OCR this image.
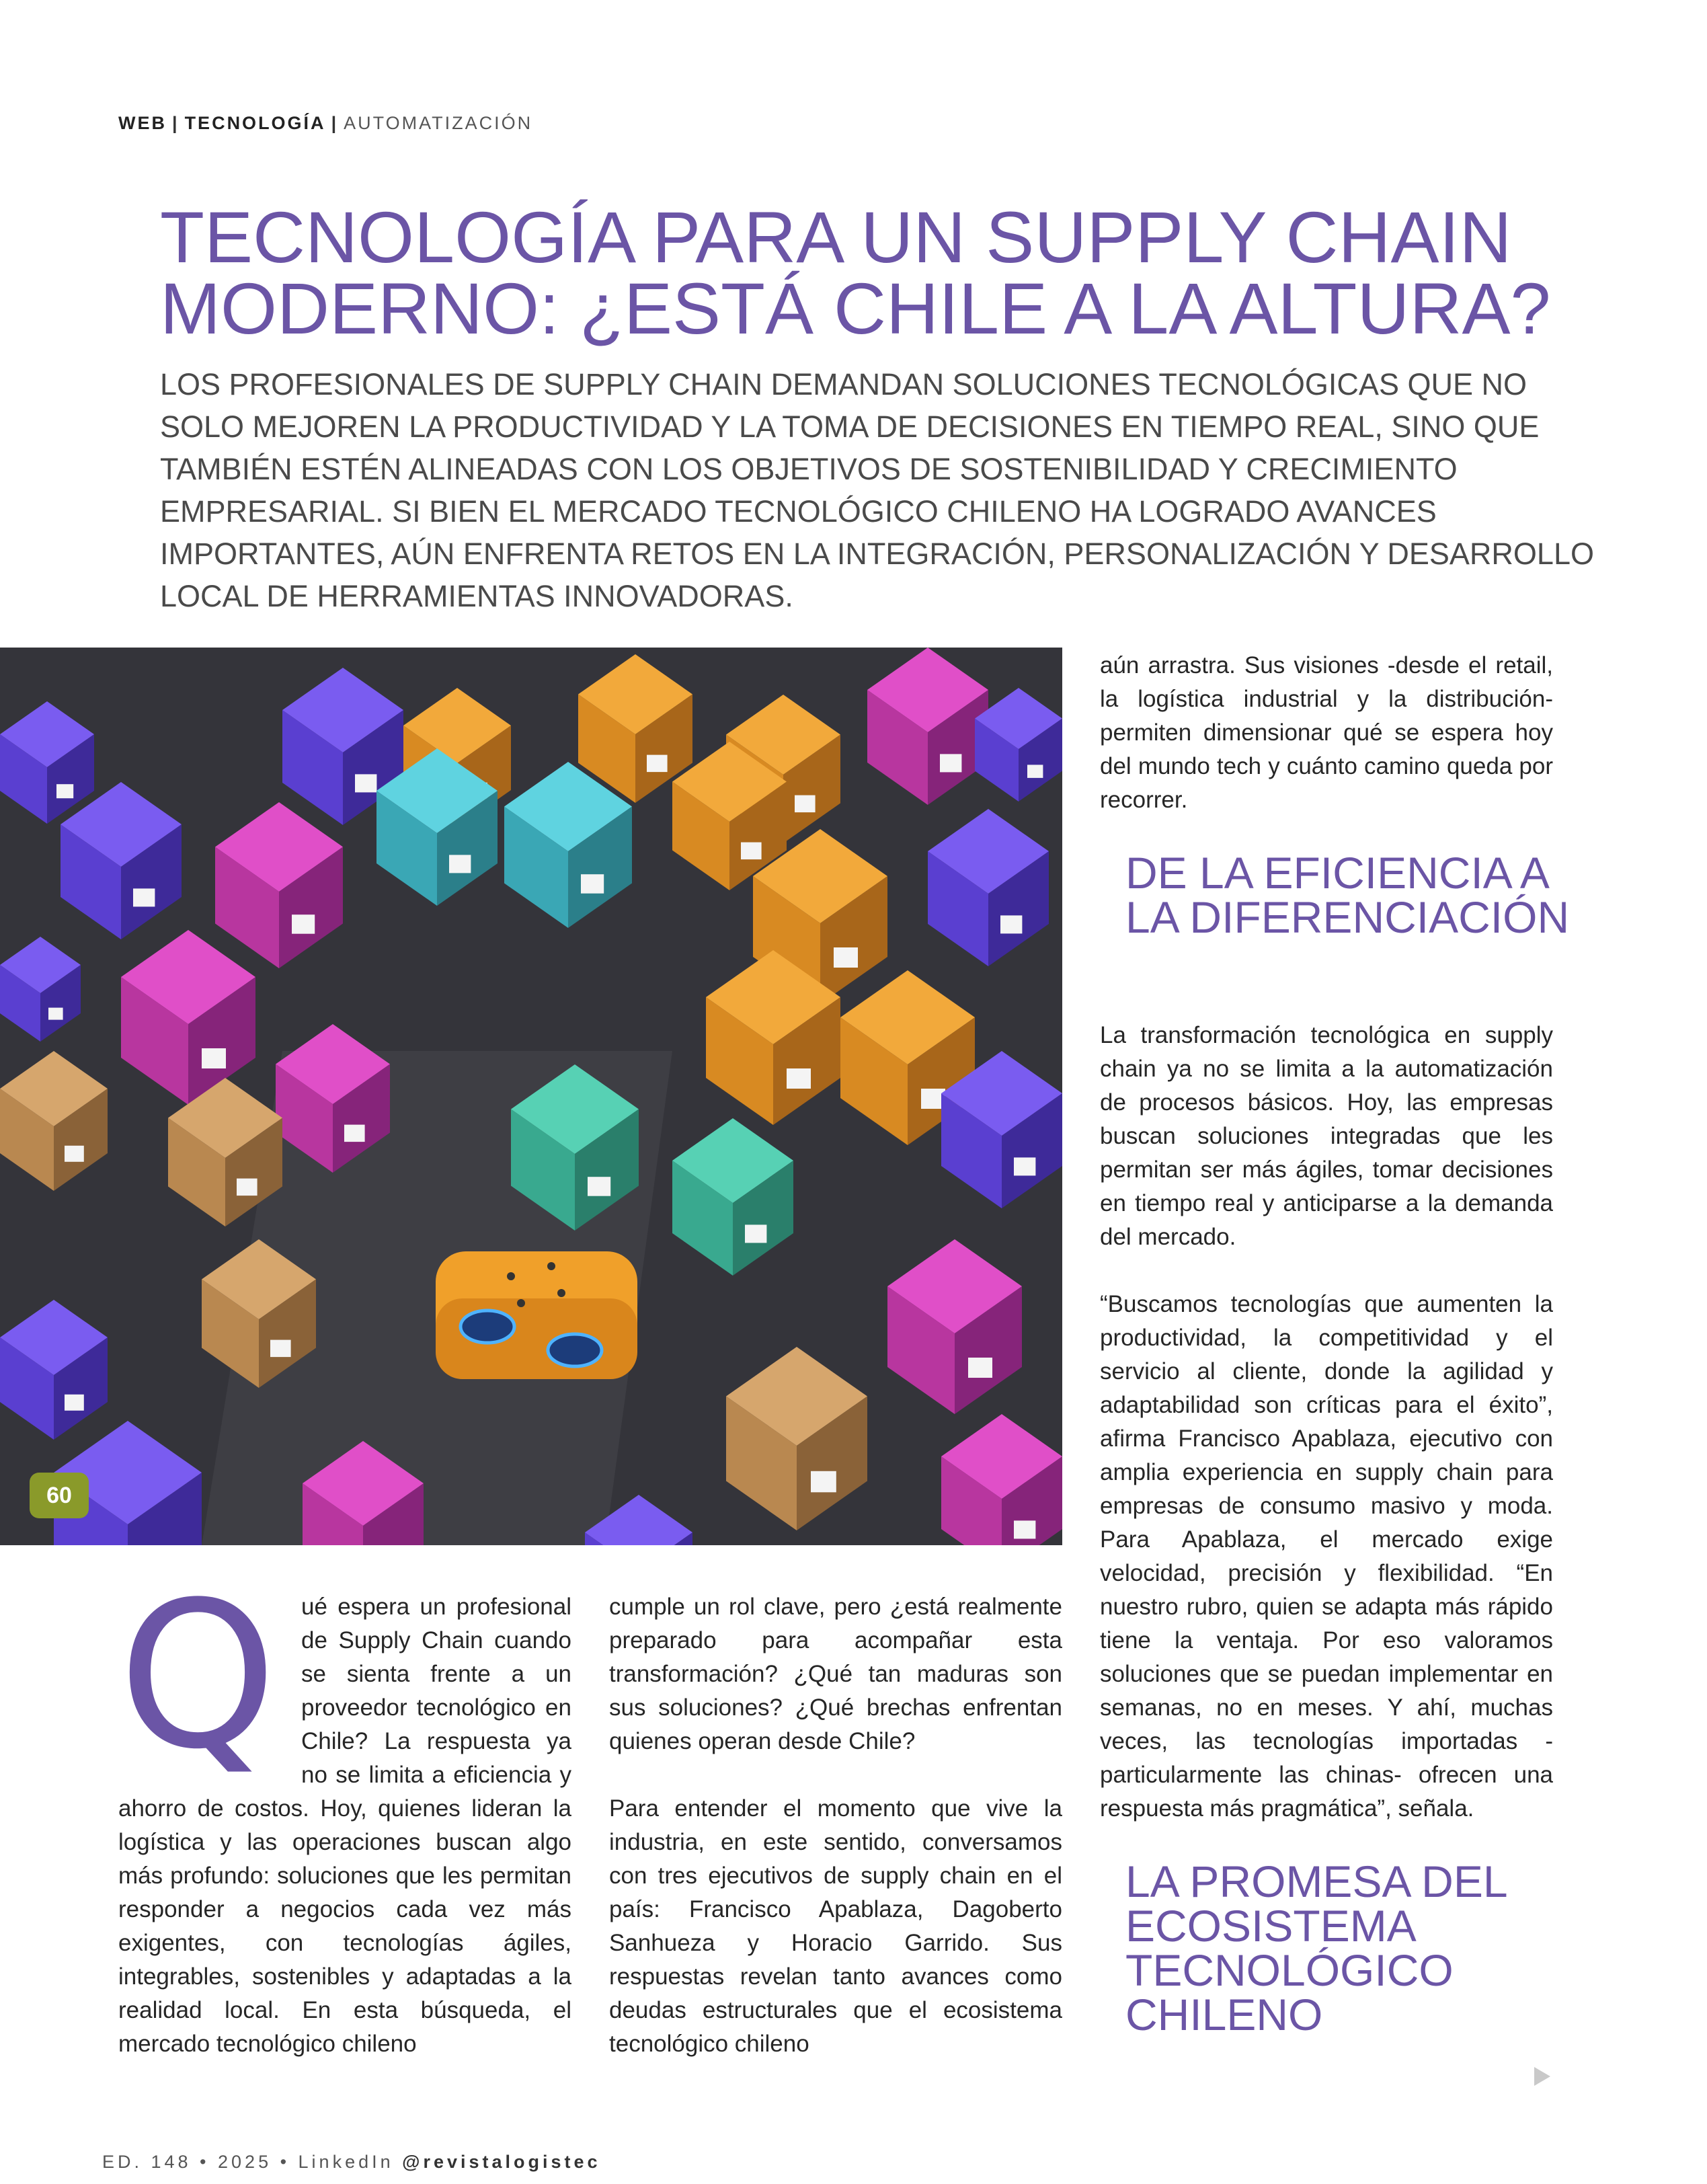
WEB | TECNOLOGÍA | AUTOMATIZACIÓN
TECNOLOGÍA PARA UN SUPPLY CHAIN
MODERNO: ¿ESTÁ CHILE A LA ALTURA?
LOS PROFESIONALES DE SUPPLY CHAIN DEMANDAN SOLUCIONES TECNOLÓGICAS QUE NO
SOLO MEJOREN LA PRODUCTIVIDAD Y LA TOMA DE DECISIONES EN TIEMPO REAL, SINO QUE
TAMBIÉN ESTÉN ALINEADAS CON LOS OBJETIVOS DE SOSTENIBILIDAD Y CRECIMIENTO
EMPRESARIAL. SI BIEN EL MERCADO TECNOLÓGICO CHILENO HA LOGRADO AVANCES
IMPORTANTES, AÚN ENFRENTA RETOS EN LA INTEGRACIÓN, PERSONALIZACIÓN Y DESARROLLO
LOCAL DE HERRAMIENTAS INNOVADORAS.
60
Q	ué espera un profesional de Supply Chain cuando se sienta frente a un proveedor tecnológico en Chile? La respuesta ya no se limita a eficiencia y ahorro de costos. Hoy, quienes lideran la logística y las operaciones buscan algo más profundo: soluciones que les permitan responder a negocios cada vez más exigentes, con tecnologías ágiles, integrables, sostenibles y adaptadas a la realidad local. En esta búsqueda, el mercado tecnológico chileno

cumple un rol clave, pero ¿está realmente preparado para acompañar esta transformación? ¿Qué tan maduras son sus soluciones? ¿Qué brechas enfrentan quienes operan desde Chile?

Para entender el momento que vive la industria, en este sentido, conversamos con tres ejecutivos de supply chain en el país: Francisco Apablaza, Dagoberto Sanhueza y Horacio Garrido. Sus respuestas revelan tanto avances como deudas estructurales que el ecosistema tecnológico chileno

aún arrastra. Sus visiones -desde el retail, la logística industrial y la distribución- permiten dimensionar qué se espera hoy del mundo tech y cuánto camino queda por recorrer.

DE LA EFICIENCIA A LA DIFERENCIACIÓN

La transformación tecnológica en supply chain ya no se limita a la automatización de procesos básicos. Hoy, las empresas buscan soluciones integradas que les permitan ser más ágiles, tomar decisiones en tiempo real y anticiparse a la demanda del mercado.

“Buscamos tecnologías que aumenten la productividad, la competitividad y el servicio al cliente, donde la agilidad y adaptabilidad son críticas para el éxito”, afirma Francisco Apablaza, ejecutivo con amplia experiencia en supply chain para empresas de consumo masivo y moda. Para Apablaza, el mercado exige velocidad, precisión y flexibilidad. “En nuestro rubro, quien se adapta más rápido tiene la ventaja. Por eso valoramos soluciones que se puedan implementar en semanas, no en meses. Y ahí, muchas veces, las tecnologías importadas -particularmente las chinas- ofrecen una respuesta más pragmática”, señala.

LA PROMESA DEL ECOSISTEMA TECNOLÓGICO CHILENO
ED. 148 • 2025 • LinkedIn @revistalogistec
